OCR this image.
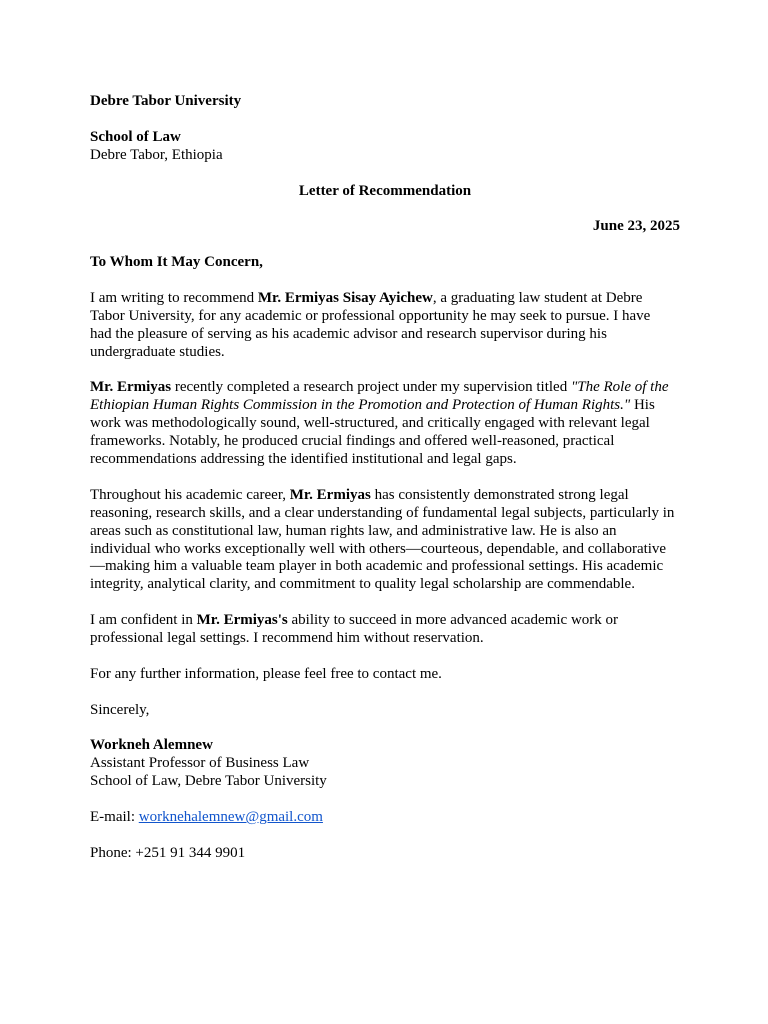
Debre Tabor University
School of Law
Debre Tabor, Ethiopia
Letter of Recommendation
June 23, 2025
To Whom It May Concern,
I am writing to recommend Mr. Ermiyas Sisay Ayichew, a graduating law student at Debre
Tabor University, for any academic or professional opportunity he may seek to pursue. I have
had the pleasure of serving as his academic advisor and research supervisor during his
undergraduate studies.
Mr. Ermiyas recently completed a research project under my supervision titled "The Role of the
Ethiopian Human Rights Commission in the Promotion and Protection of Human Rights." His
work was methodologically sound, well-structured, and critically engaged with relevant legal
frameworks. Notably, he produced crucial findings and offered well-reasoned, practical
recommendations addressing the identified institutional and legal gaps.
Throughout his academic career, Mr. Ermiyas has consistently demonstrated strong legal
reasoning, research skills, and a clear understanding of fundamental legal subjects, particularly in
areas such as constitutional law, human rights law, and administrative law. He is also an
individual who works exceptionally well with others—courteous, dependable, and collaborative
—making him a valuable team player in both academic and professional settings. His academic
integrity, analytical clarity, and commitment to quality legal scholarship are commendable.
I am confident in Mr. Ermiyas's ability to succeed in more advanced academic work or
professional legal settings. I recommend him without reservation.
For any further information, please feel free to contact me.
Sincerely,
Workneh Alemnew
Assistant Professor of Business Law
School of Law, Debre Tabor University
E-mail: worknehalemnew@gmail.com
Phone: +251 91 344 9901
